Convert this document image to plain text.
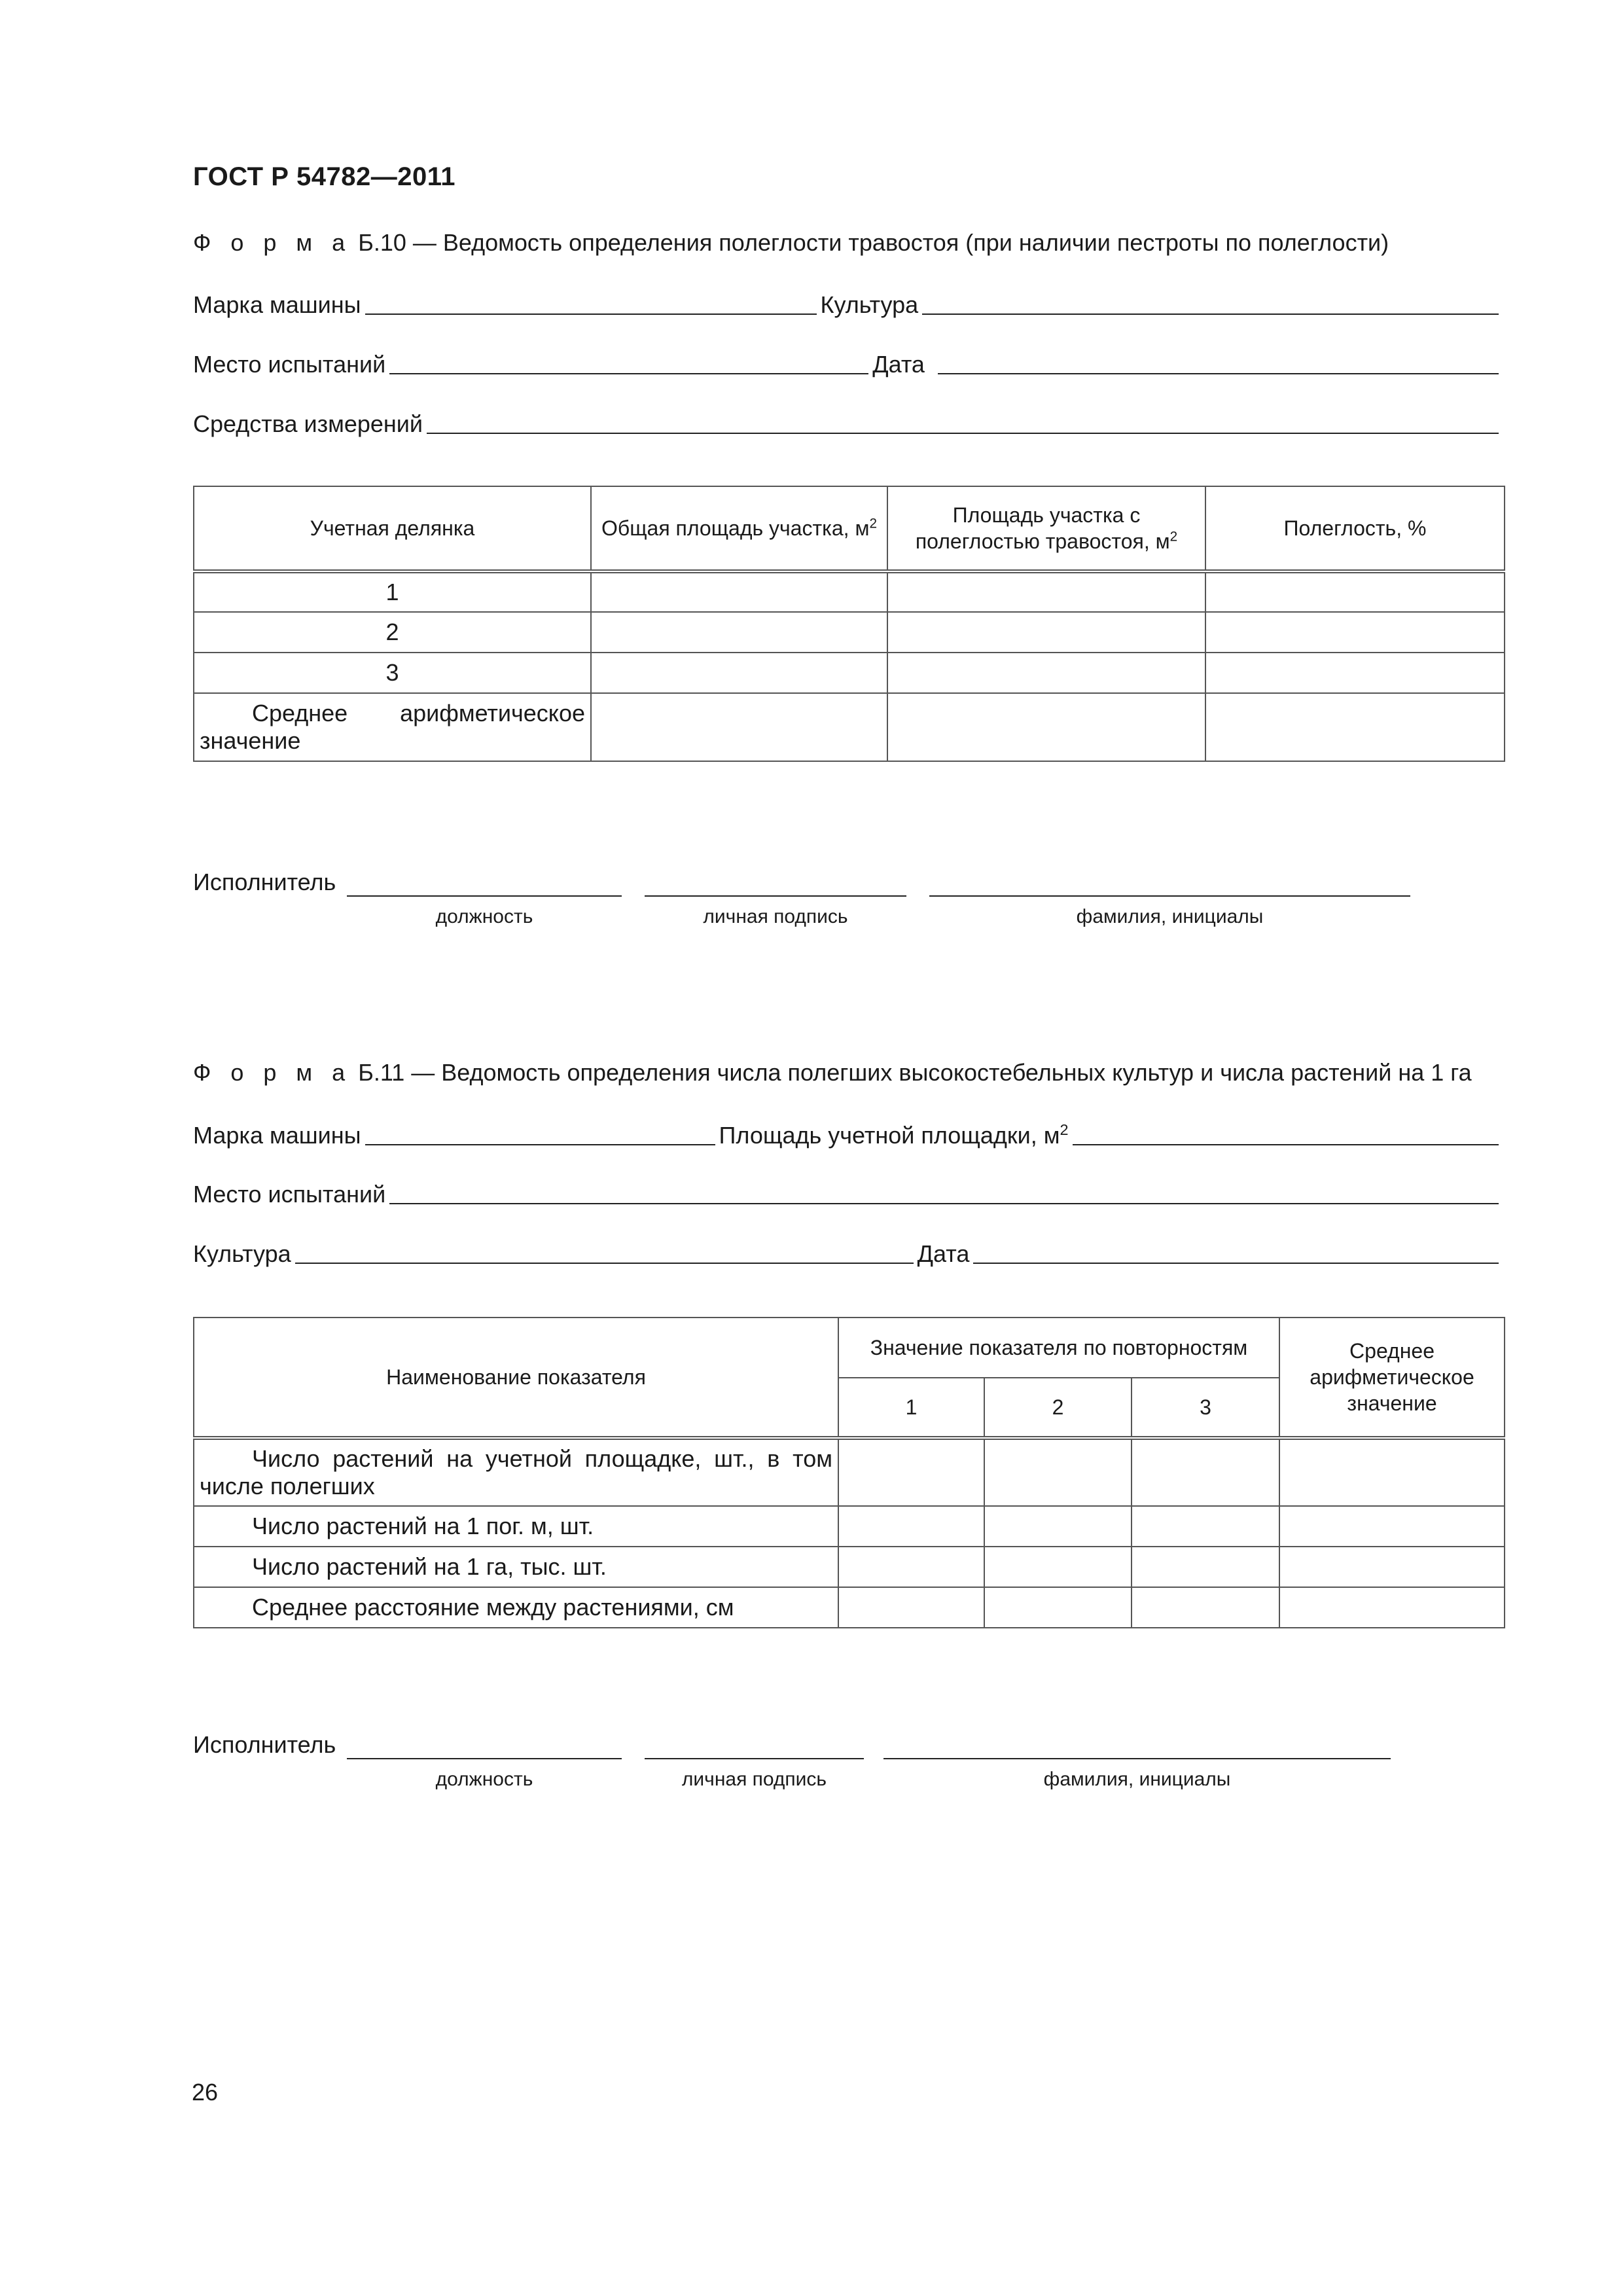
ГОСТ Р 54782—2011
Ф о р м а Б.10 — Ведомость определения полеглости травостоя (при наличии пестроты по полеглости)
Марка машины	Культура
Место испытаний	Дата
Средства измерений
Учетная делянка	Общая площадь участка, $м^2$	Площадь участка с полеглостью травостоя, $м^2$	Полеглость, %
1			
2			
3			
Среднее арифметическое значение			
Исполнитель
должность	личная подпись	фамилия, инициалы
Ф о р м а Б.11 — Ведомость определения числа полегших высокостебельных культур и числа растений на 1 га
Марка машины	Площадь учетной площадки, $м^2$
Место испытаний
Культура	Дата
Наименование показателя	Значение показателя по повторностям			Среднее арифметическое значение
	1	2	3	
Число растений на учетной площадке, шт., в том числе полегших				
Число растений на 1 пог. м, шт.				
Число растений на 1 га, тыс. шт.				
Среднее расстояние между растениями, см				
Исполнитель
должность	личная подпись	фамилия, инициалы
26
